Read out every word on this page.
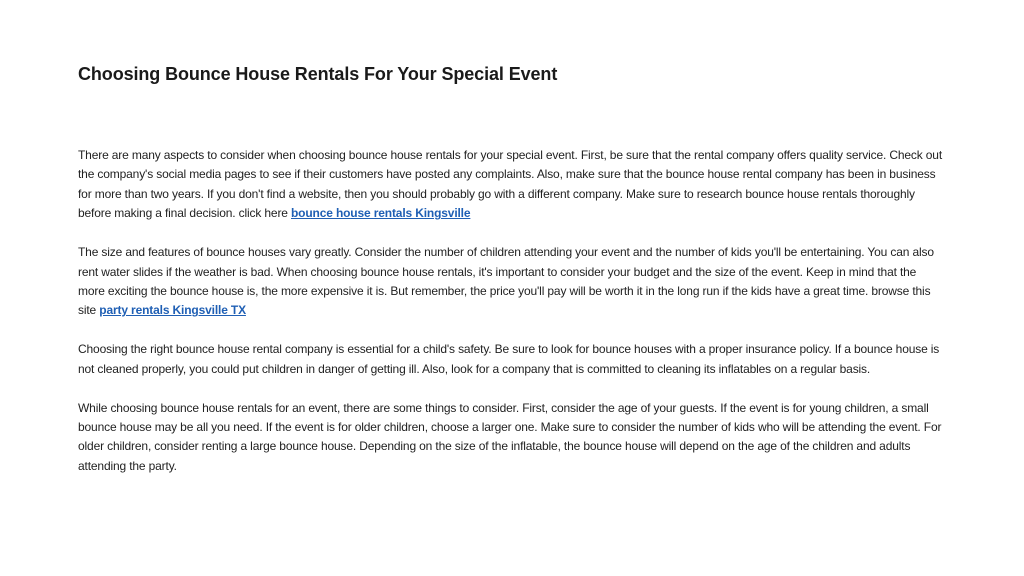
Choosing Bounce House Rentals For Your Special Event

There are many aspects to consider when choosing bounce house rentals for your special event. First, be sure that the rental company offers quality service. Check out the company's social media pages to see if their customers have posted any complaints. Also, make sure that the bounce house rental company has been in business for more than two years. If you don't find a website, then you should probably go with a different company. Make sure to research bounce house rentals thoroughly before making a final decision. click here bounce house rentals Kingsville

The size and features of bounce houses vary greatly. Consider the number of children attending your event and the number of kids you'll be entertaining. You can also rent water slides if the weather is bad. When choosing bounce house rentals, it's important to consider your budget and the size of the event. Keep in mind that the more exciting the bounce house is, the more expensive it is. But remember, the price you'll pay will be worth it in the long run if the kids have a great time. browse this site party rentals Kingsville TX

Choosing the right bounce house rental company is essential for a child's safety. Be sure to look for bounce houses with a proper insurance policy. If a bounce house is not cleaned properly, you could put children in danger of getting ill. Also, look for a company that is committed to cleaning its inflatables on a regular basis.

While choosing bounce house rentals for an event, there are some things to consider. First, consider the age of your guests. If the event is for young children, a small bounce house may be all you need. If the event is for older children, choose a larger one. Make sure to consider the number of kids who will be attending the event. For older children, consider renting a large bounce house. Depending on the size of the inflatable, the bounce house will depend on the age of the children and adults attending the party.
